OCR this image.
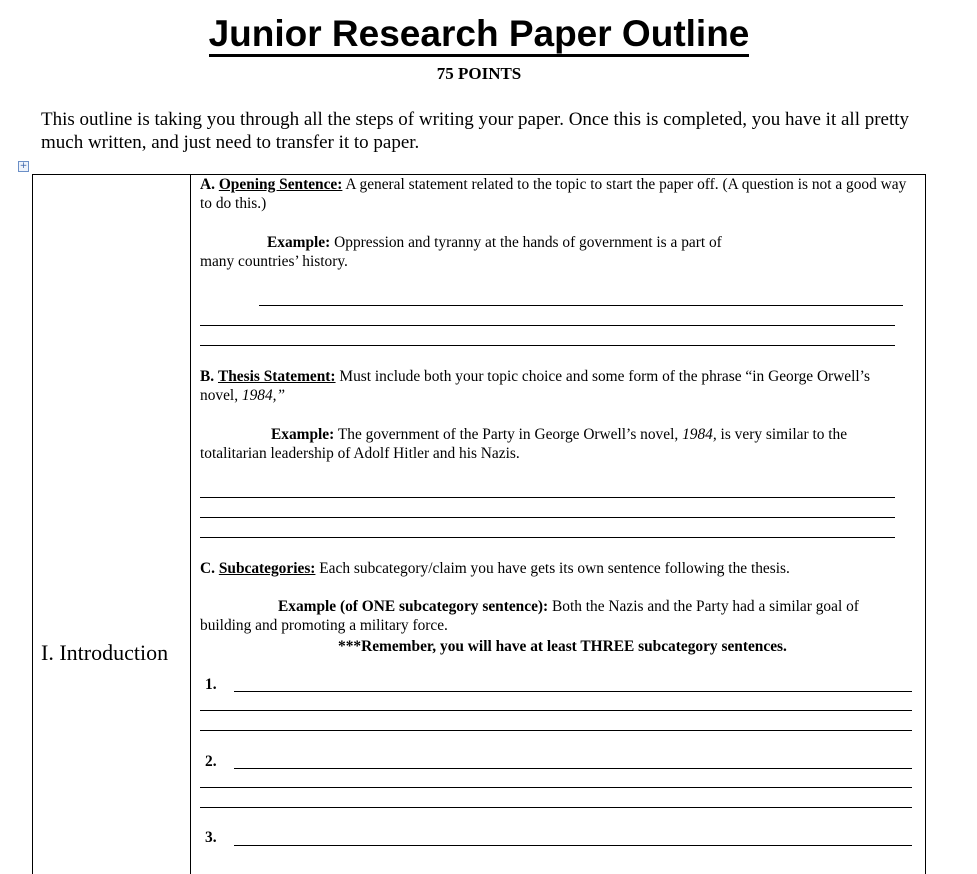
Junior Research Paper Outline
75 POINTS
This outline is taking you through all the steps of writing your paper. Once this is completed, you have it all pretty much written, and just need to transfer it to paper.
+
I. Introduction
A. Opening Sentence: A general statement related to the topic to start the paper off. (A question is not a good way to do this.)
Example: Oppression and tyranny at the hands of government is a part of
many countries’ history.
B. Thesis Statement: Must include both your topic choice and some form of the phrase “in George Orwell’s novel, 1984,”
Example: The government of the Party in George Orwell’s novel, 1984, is very similar to the totalitarian leadership of Adolf Hitler and his Nazis.
C. Subcategories: Each subcategory/claim you have gets its own sentence following the thesis.
Example (of ONE subcategory sentence): Both the Nazis and the Party had a similar goal of building and promoting a military force.
***Remember, you will have at least THREE subcategory sentences.
1.
2.
3.
